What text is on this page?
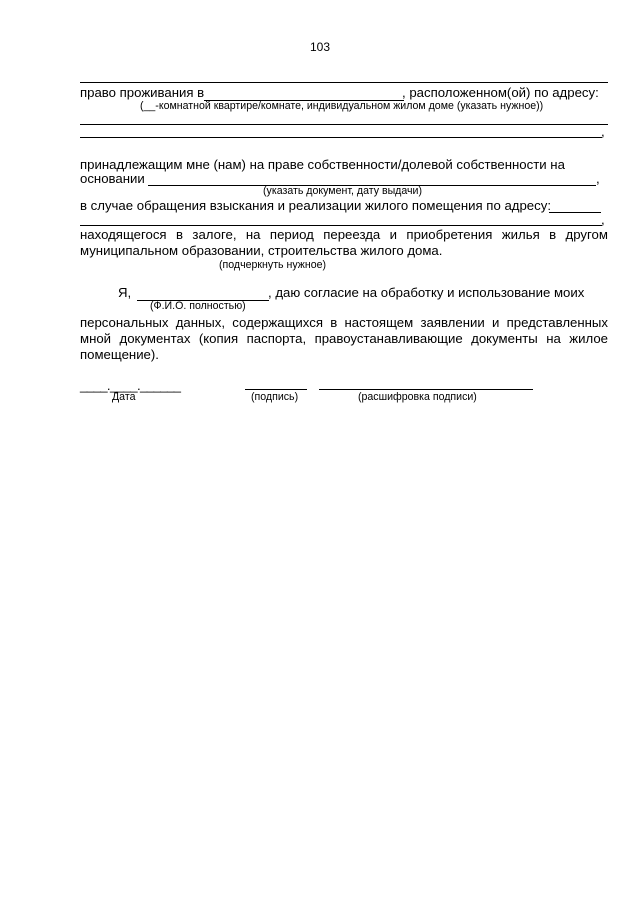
103
право проживания в	, расположенном(ой) по адресу:
(__-комнатной квартире/комнате, индивидуальном жилом доме (указать нужное))
,
принадлежащим мне (нам) на праве собственности/долевой собственности на
основании	,
(указать документ, дату выдачи)
в случае обращения взыскания и реализации жилого помещения по адресу:
,
находящегося в залоге, на период переезда и приобретения жилья в другом
муниципальном образовании, строительства жилого дома.
(подчеркнуть нужное)
Я,	, даю согласие на обработку и использование моих
(Ф.И.О. полностью)
персональных данных, содержащихся в настоящем заявлении и представленных
мной документах (копия паспорта, правоустанавливающие документы на жилое
помещение).
____.____.______
Дата	(подпись)	(расшифровка подписи)
